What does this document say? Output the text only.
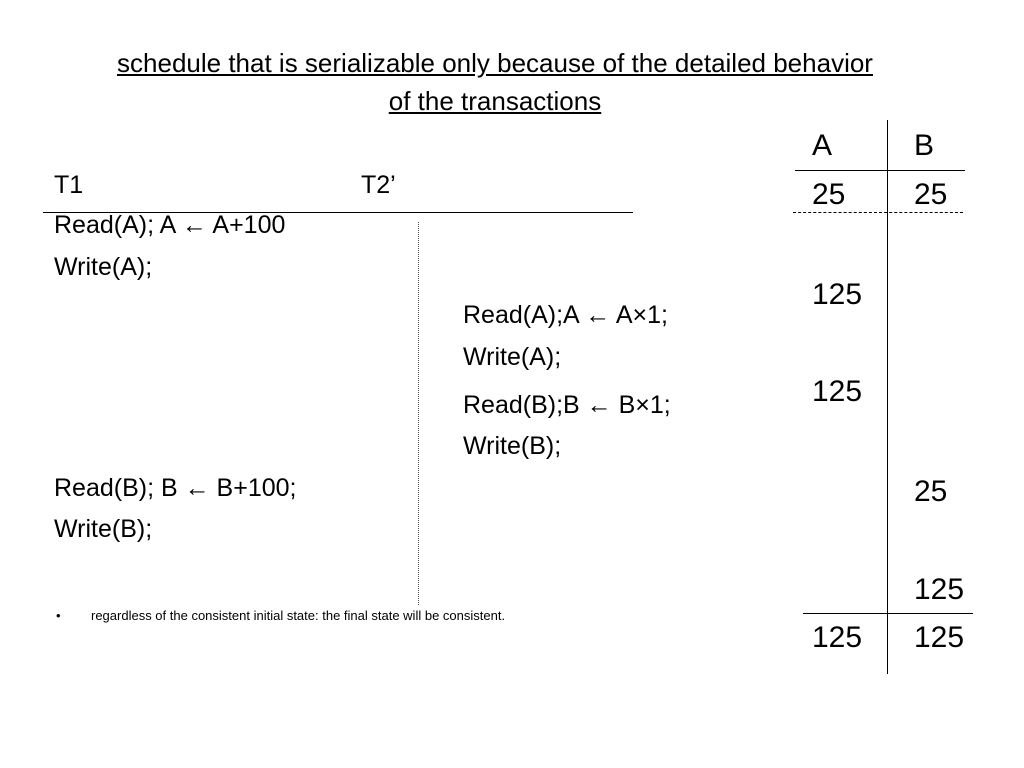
schedule that is serializable only because of the detailed behavior
of the transactions
T1	T2’
Read(A); A ← A+100
Write(A);
Read(A);A ← A×1;
Write(A);
Read(B);B ← B×1;
Write(B);
Read(B); B ← B+100;
Write(B);
A	B
25 25
125
125
25
125
125 125
• regardless of the consistent initial state: the final state will be consistent.
